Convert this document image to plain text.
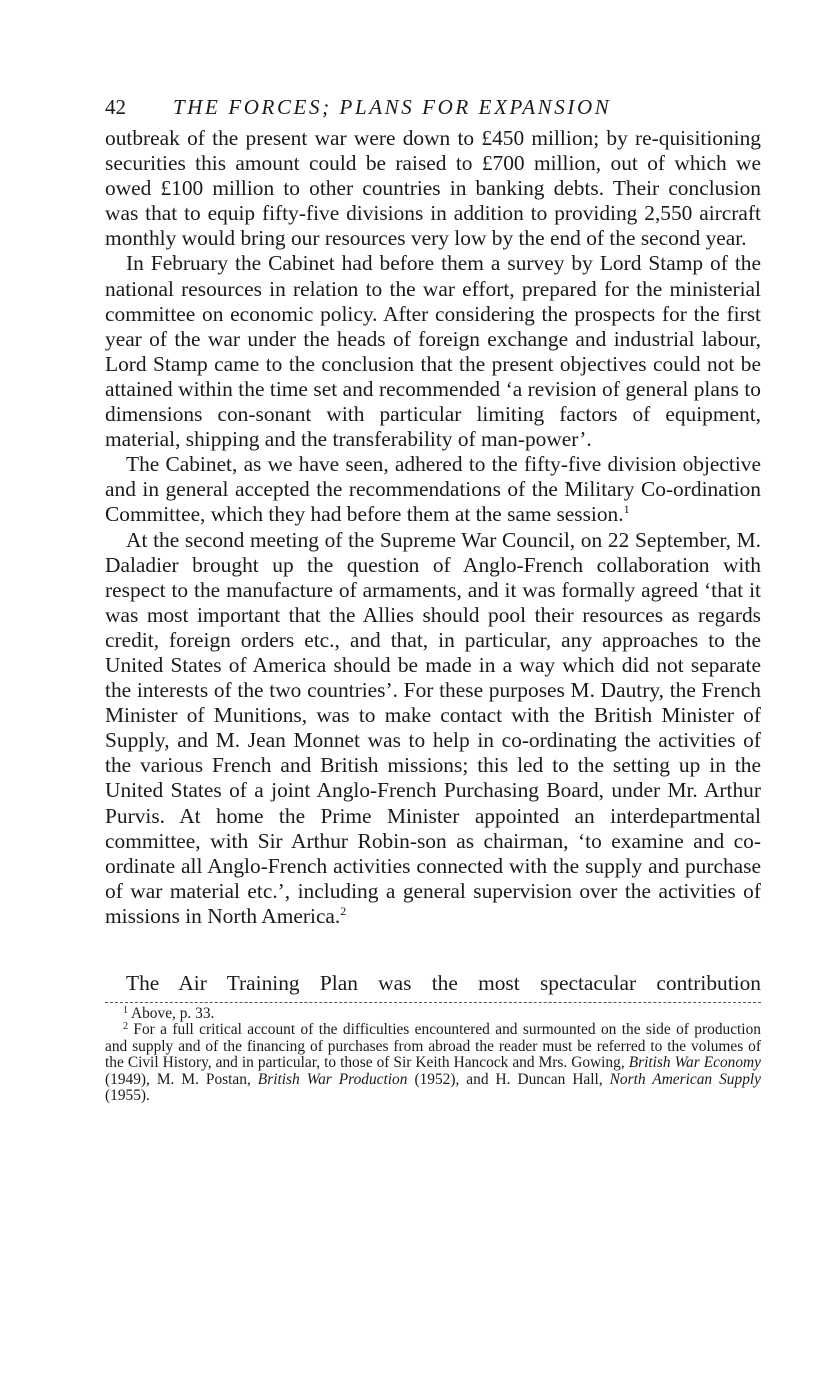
42 THE FORCES; PLANS FOR EXPANSION

outbreak of the present war were down to £450 million; by re-quisitioning securities this amount could be raised to £700 million, out of which we owed £100 million to other countries in banking debts. Their conclusion was that to equip fifty-five divisions in addition to providing 2,550 aircraft monthly would bring our resources very low by the end of the second year.

In February the Cabinet had before them a survey by Lord Stamp of the national resources in relation to the war effort, prepared for the ministerial committee on economic policy. After considering the prospects for the first year of the war under the heads of foreign exchange and industrial labour, Lord Stamp came to the conclusion that the present objectives could not be attained within the time set and recommended ‘a revision of general plans to dimensions con-sonant with particular limiting factors of equipment, material, shipping and the transferability of man-power’.

The Cabinet, as we have seen, adhered to the fifty-five division objective and in general accepted the recommendations of the Military Co-ordination Committee, which they had before them at the same session.$^1$

At the second meeting of the Supreme War Council, on 22 September, M. Daladier brought up the question of Anglo-French collaboration with respect to the manufacture of armaments, and it was formally agreed ‘that it was most important that the Allies should pool their resources as regards credit, foreign orders etc., and that, in particular, any approaches to the United States of America should be made in a way which did not separate the interests of the two countries’. For these purposes M. Dautry, the French Minister of Munitions, was to make contact with the British Minister of Supply, and M. Jean Monnet was to help in co-ordinating the activities of the various French and British missions; this led to the setting up in the United States of a joint Anglo-French Purchasing Board, under Mr. Arthur Purvis. At home the Prime Minister appointed an interdepartmental committee, with Sir Arthur Robin-son as chairman, ‘to examine and co-ordinate all Anglo-French activities connected with the supply and purchase of war material etc.’, including a general supervision over the activities of missions in North America.$^2$

The Air Training Plan was the most spectacular contribution

$^1$ Above, p. 33.

$^2$ For a full critical account of the difficulties encountered and surmounted on the side of production and supply and of the financing of purchases from abroad the reader must be referred to the volumes of the Civil History, and in particular, to those of Sir Keith Hancock and Mrs. Gowing, British War Economy (1949), M. M. Postan, British War Production (1952), and H. Duncan Hall, North American Supply (1955).
